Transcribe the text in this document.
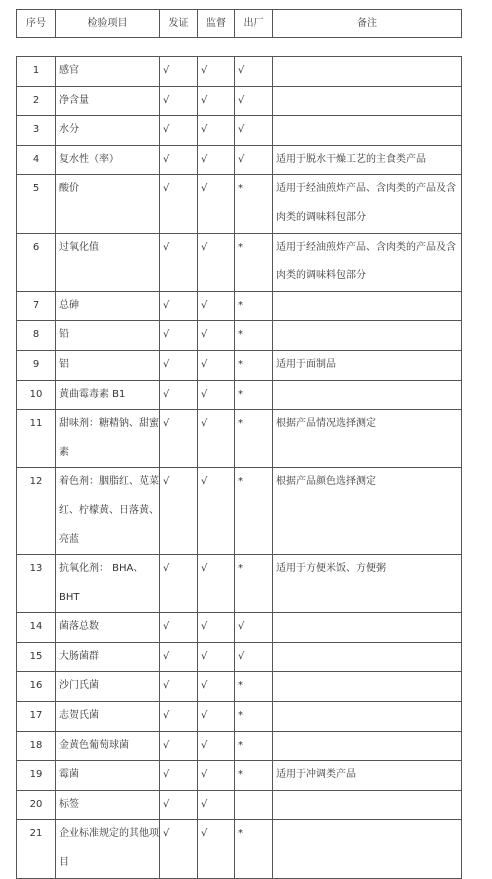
序号	检验项目	发证	监督	出厂	备注
1	感官	√	√	√	
2	净含量	√	√	√	
3	水分	√	√	√	
4	复水性（率）	√	√	√	适用于脱水干燥工艺的主食类产品
5	酸价	√	√	*	适用于经油煎炸产品、含肉类的产品及含肉类的调味料包部分
6	过氧化值	√	√	*	适用于经油煎炸产品、含肉类的产品及含肉类的调味料包部分
7	总砷	√	√	*	
8	铅	√	√	*	
9	铝	√	√	*	适用于面制品
10	黄曲霉毒素 B1	√	√	*	
11	甜味剂：糖精钠、甜蜜素	√	√	*	根据产品情况选择测定
12	着色剂：胭脂红、苋菜红、柠檬黄、日落黄、亮蓝	√	√	*	根据产品颜色选择测定
13	抗氧化剂： BHA、BHT	√	√	*	适用于方便米饭、方便粥
14	菌落总数	√	√	√	
15	大肠菌群	√	√	√	
16	沙门氏菌	√	√	*	
17	志贺氏菌	√	√	*	
18	金黄色葡萄球菌	√	√	*	
19	霉菌	√	√	*	适用于冲调类产品
20	标签	√	√		
21	企业标准规定的其他项目	√	√	*	
